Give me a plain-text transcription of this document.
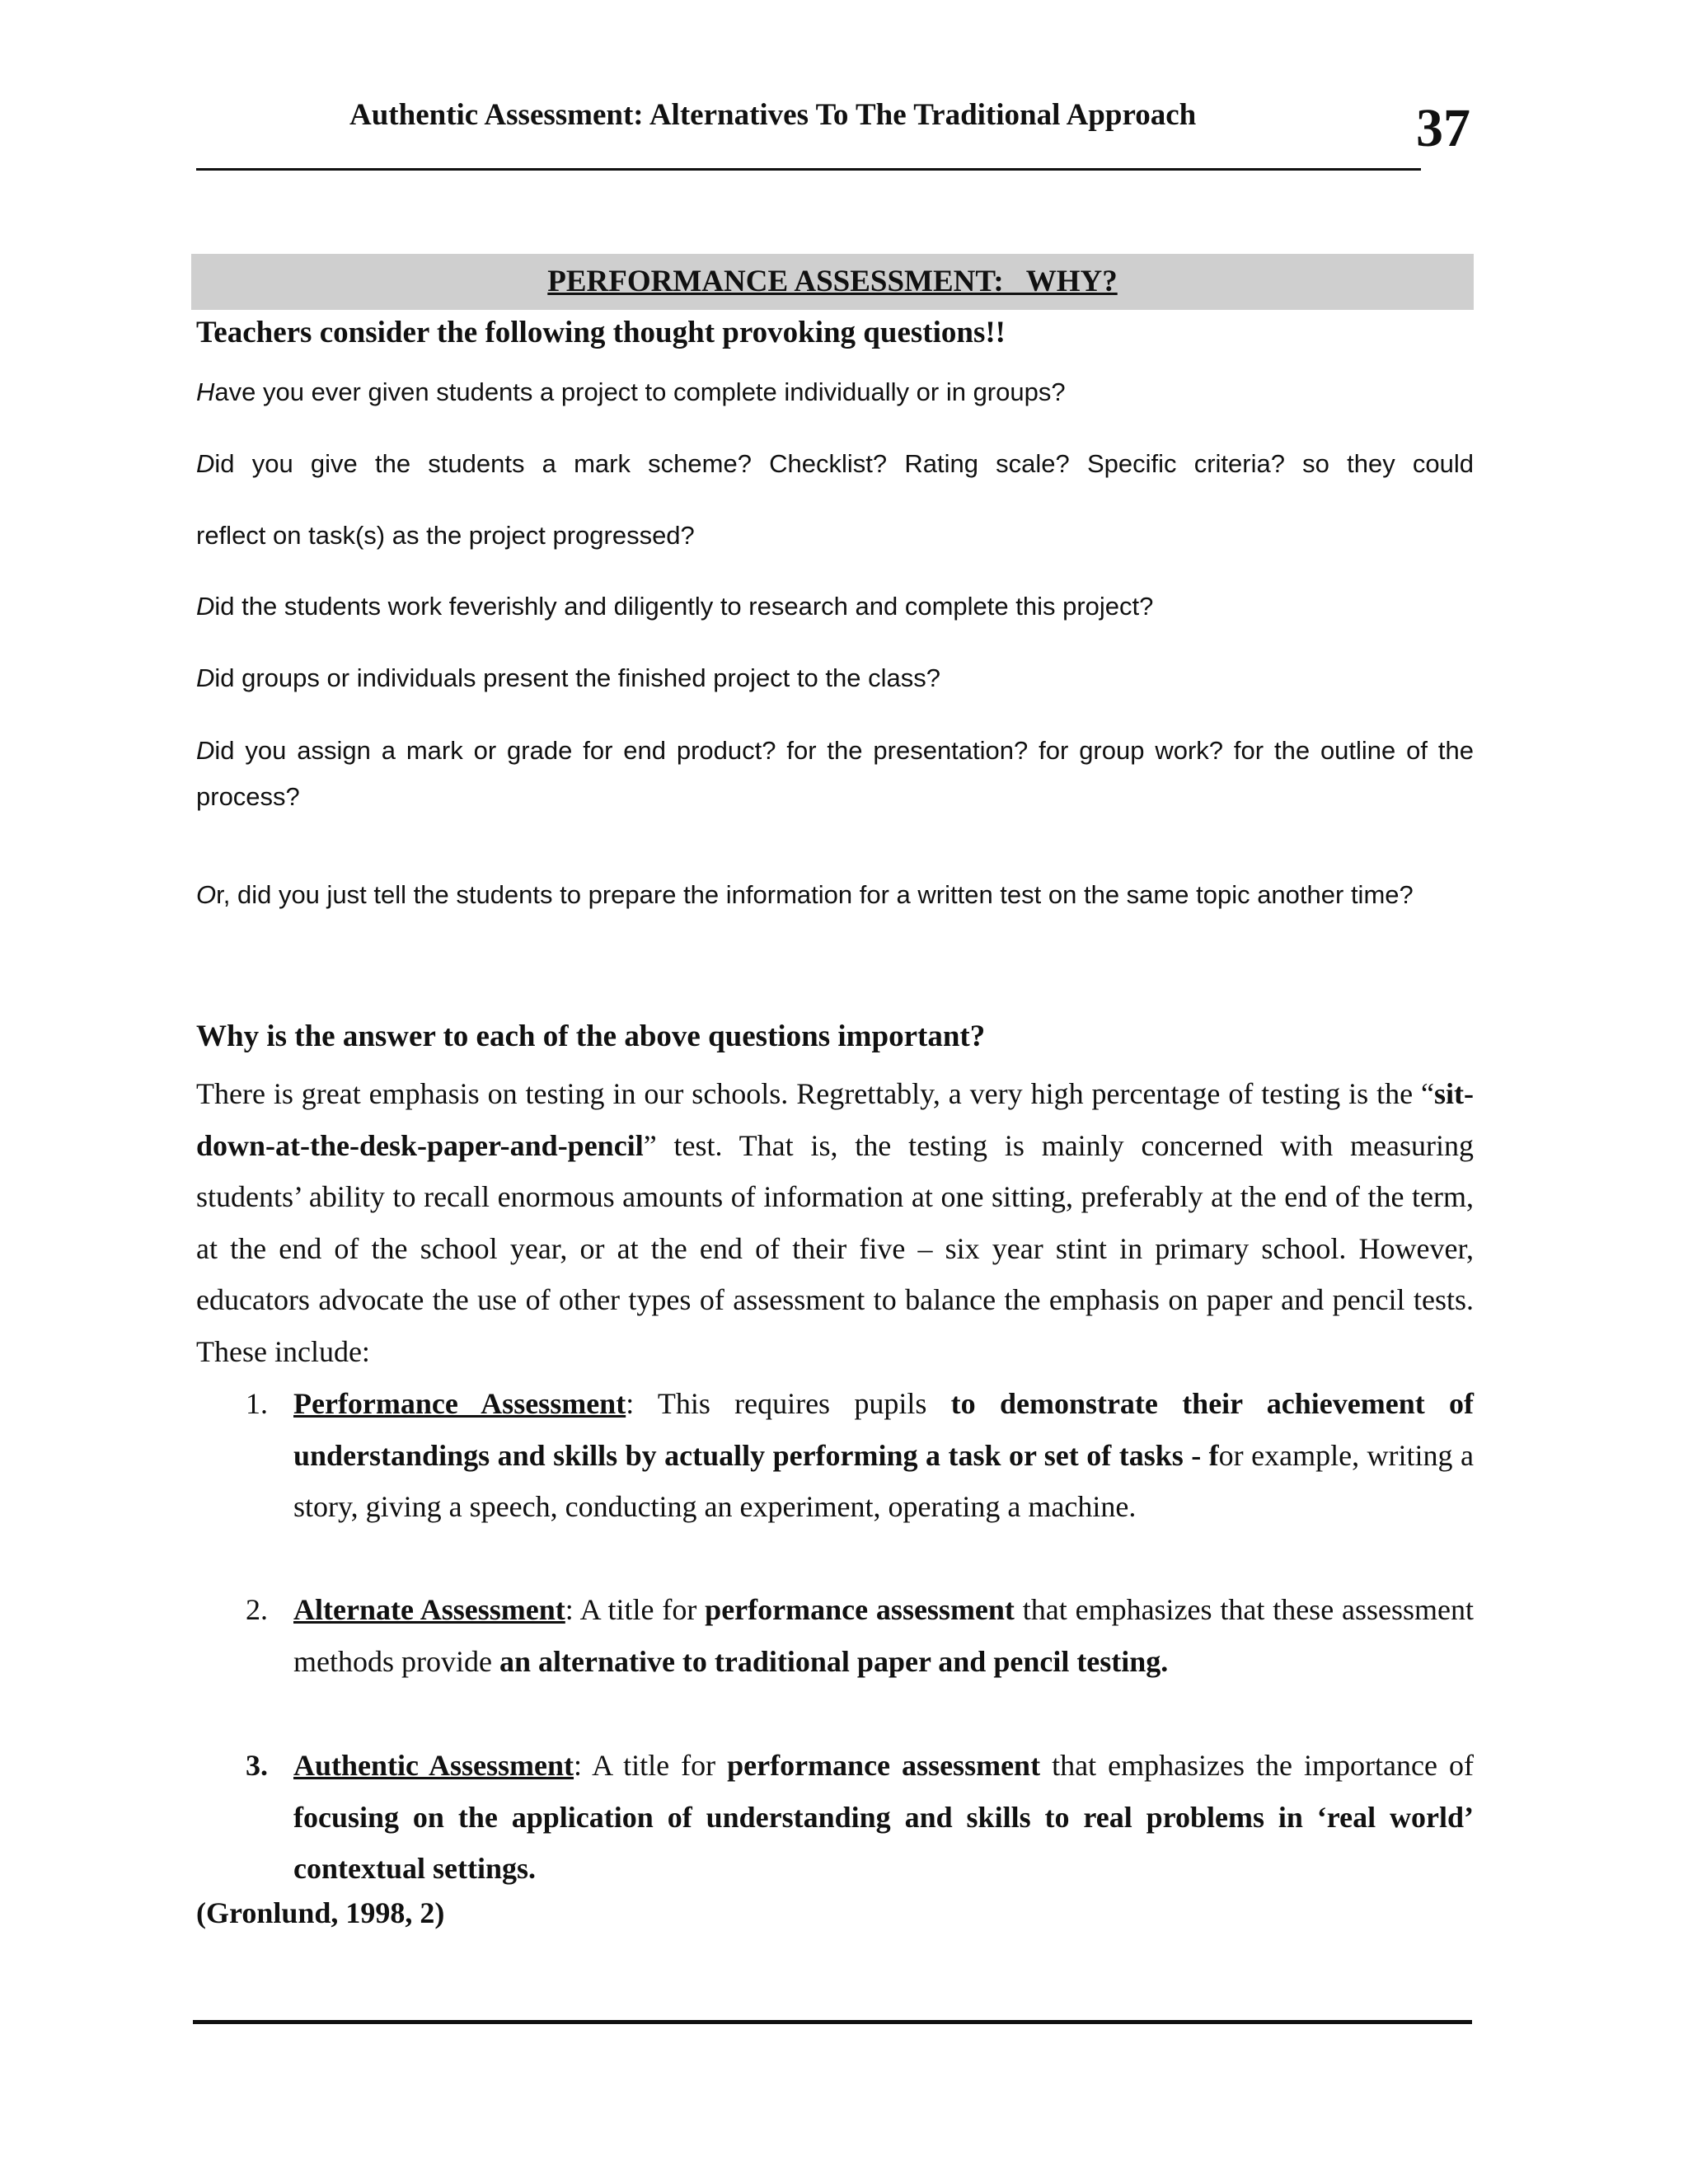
Authentic Assessment: Alternatives To The Traditional Approach	37
PERFORMANCE ASSESSMENT:   WHY?
Teachers consider the following thought provoking questions!!
Have you ever given students a project to complete individually or in groups?
Did you give the students a mark scheme? Checklist? Rating scale? Specific criteria? so they could
reflect on task(s) as the project progressed?
Did the students work feverishly and diligently to research and complete this project?
Did groups or individuals present the finished project to the class?
Did you assign a mark or grade for end product? for the presentation? for group work? for the outline of the process?
Or, did you just tell the students to prepare the information for a written test on the same topic another time?
Why is the answer to each of the above questions important?
There is great emphasis on testing in our schools. Regrettably, a very high percentage of testing is the “sit-down-at-the-desk-paper-and-pencil” test. That is, the testing is mainly concerned with measuring students’ ability to recall enormous amounts of information at one sitting, preferably at the end of the term, at the end of the school year, or at the end of their five – six year stint in primary school. However, educators advocate the use of other types of assessment to balance the emphasis on paper and pencil tests. These include:
1. Performance Assessment: This requires pupils to demonstrate their achievement of understandings and skills by actually performing a task or set of tasks - for example, writing a story, giving a speech, conducting an experiment, operating a machine.
2. Alternate Assessment: A title for performance assessment that emphasizes that these assessment methods provide an alternative to traditional paper and pencil testing.
3. Authentic Assessment: A title for performance assessment that emphasizes the importance of focusing on the application of understanding and skills to real problems in ‘real world’ contextual settings.
(Gronlund, 1998, 2)
